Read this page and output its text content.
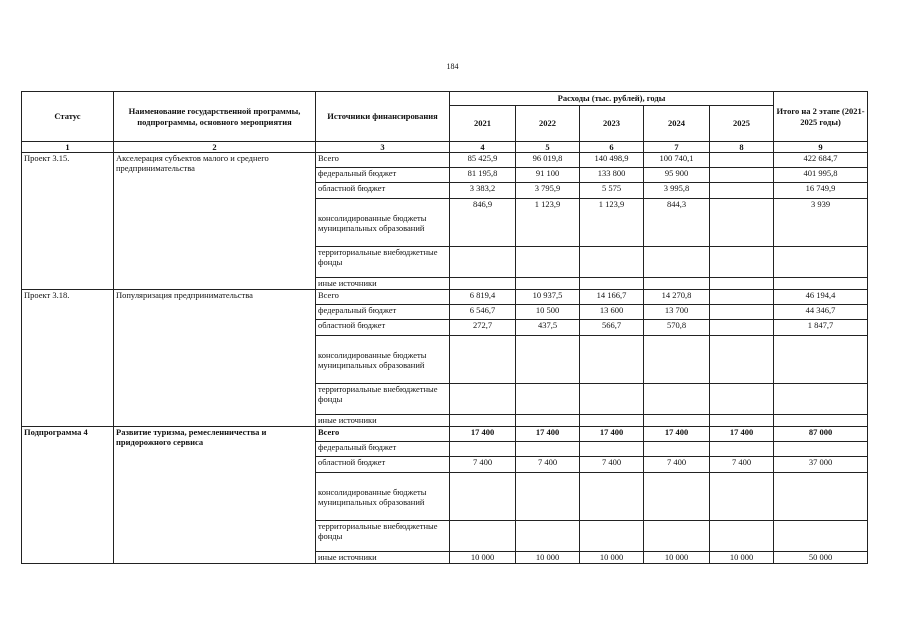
184
Статус	Наименование государственной программы, подпрограммы, основного мероприятия	Источники финансирования	Расходы (тыс. рублей), годы					Итого на 2 этапе (2021-2025 годы)
			2021	2022	2023	2024	2025	
1	2	3	4	5	6	7	8	9
Проект 3.15.	Акселерация субъектов малого и среднего предпринимательства	Всего	85 425,9	96 019,8	140 498,9	100 740,1		422 684,7
		федеральный бюджет	81 195,8	91 100	133 800	95 900		401 995,8
		областной бюджет	3 383,2	3 795,9	5 575	3 995,8		16 749,9
		консолидированные бюджеты муниципальных образований	846,9	1 123,9	1 123,9	844,3		3 939
		территориальные внебюджетные фонды						
		иные источники						
Проект 3.18.	Популяризация предпринимательства	Всего	6 819,4	10 937,5	14 166,7	14 270,8		46 194,4
		федеральный бюджет	6 546,7	10 500	13 600	13 700		44 346,7
		областной бюджет	272,7	437,5	566,7	570,8		1 847,7
		консолидированные бюджеты муниципальных образований						
		территориальные внебюджетные фонды						
		иные источники						
Подпрограмма 4	Развитие туризма, ремесленничества и придорожного сервиса	Всего	17 400	17 400	17 400	17 400	17 400	87 000
		федеральный бюджет						
		областной бюджет	7 400	7 400	7 400	7 400	7 400	37 000
		консолидированные бюджеты муниципальных образований						
		территориальные внебюджетные фонды						
		иные источники	10 000	10 000	10 000	10 000	10 000	50 000
